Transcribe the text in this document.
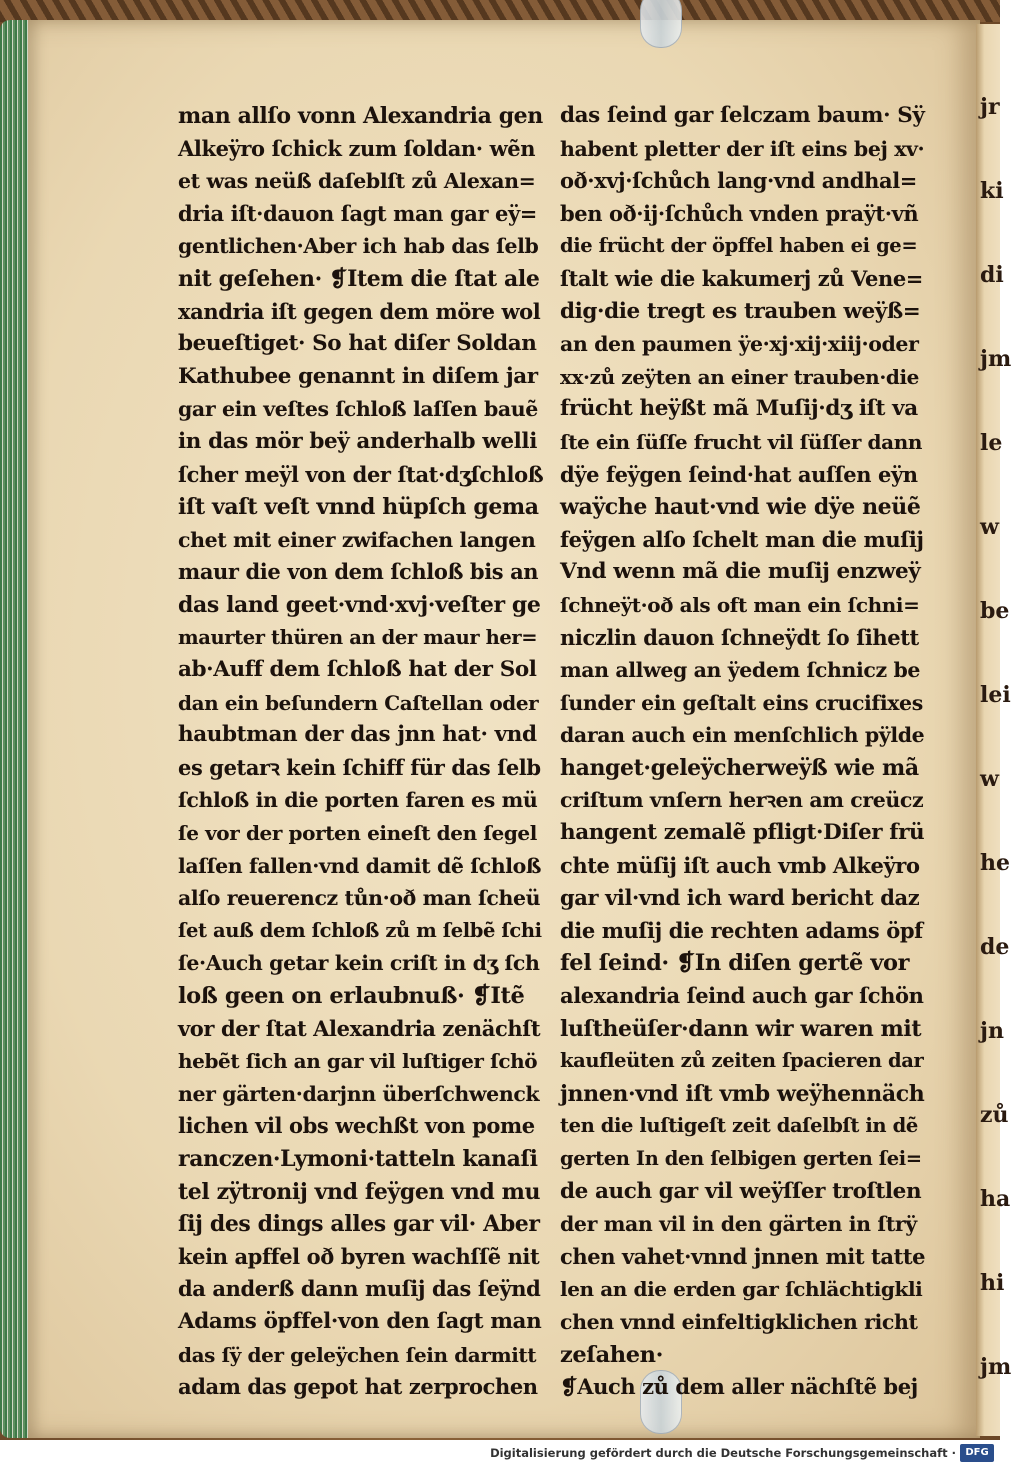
jr
ki
di
jm
le
w
be
lei
w
he
de
jn
zů
ha
hi
jm
man allſo vonn Alexandria gen
Alkeÿro ſchick zum ſoldan· wẽn
et was neüß daſeblſt zů Alexan=
dria iſt·dauon ſagt man gar eÿ=
gentlichen·Aber ich hab das ſelb
nit geſehen· ❡Item die ſtat ale
xandria iſt gegen dem möre wol
beueſtiget· So hat diſer Soldan
Kathubee genannt in diſem jar
gar ein veſtes ſchloß laſſen bauẽ
in das mör beÿ anderhalb welli
ſcher meÿl von der ſtat·dʒſchloß
iſt vaſt veſt vnnd hüpſch gema
chet mit einer zwifachen langen
maur die von dem ſchloß bis an
das land geet·vnd·xvj·veſter ge
maurter thüren an der maur her=
ab·Auff dem ſchloß hat der Sol
dan ein beſundern Caſtellan oder
haubtman der das jnn hat· vnd
es getarꝛ kein ſchiff für das ſelb
ſchloß in die porten faren es mü
ſe vor der porten eineſt den ſegel
laſſen fallen·vnd damit dẽ ſchloß
alſo reuerencz tůn·oð man ſcheü
ſet auß dem ſchloß zů m ſelbẽ ſchi
ſe·Auch getar kein criſt in dʒ ſch
loß geen on erlaubnuß· ❡Itẽ
vor der ſtat Alexandria zenächſt
hebẽt ſich an gar vil luſtiger ſchö
ner gärten·darjnn überſchwenck
lichen vil obs wechßt von pome
ranczen·Lymoni·tatteln kanaſi
tel zÿtronij vnd feÿgen vnd mu
ſij des dings alles gar vil· Aber
kein apffel oð byren wachſſẽ nit
da anderß dann muſij das ſeÿnd
Adams öpffel·von den ſagt man
das ſÿ der geleÿchen ſein darmitt
adam das gepot hat zerprochen
das ſeind gar ſelczam baum· Sÿ
habent pletter der iſt eins bej xv·
oð·xvj·ſchůch lang·vnd andhal=
ben oð·ij·ſchůch vnden praÿt·vñ
die frücht der öpffel haben ei ge=
ſtalt wie die kakumerj zů Vene=
dig·die tregt es trauben weÿß=
an den paumen ÿe·xj·xij·xiij·oder
xx·zů zeÿten an einer trauben·die
frücht heÿßt mã Muſij·dʒ iſt va
ſte ein ſüſſe frucht vil ſüſſer dann
dÿe feÿgen ſeind·hat auſſen eÿn
waÿche haut·vnd wie dÿe neüẽ
feÿgen alſo ſchelt man die muſij
Vnd wenn mã die muſij enzweÿ
ſchneÿt·oð als oft man ein ſchni=
niczlin dauon ſchneÿdt ſo ſihett
man allweg an ÿedem ſchnicz be
ſunder ein geſtalt eins crucifixes
daran auch ein menſchlich pÿlde
hanget·geleÿcherweÿß wie mã
criſtum vnſern herꝛen am creücz
hangent zemalẽ pfligt·Diſer frü
chte müſij iſt auch vmb Alkeÿro
gar vil·vnd ich ward bericht daz
die muſij die rechten adams öpf
fel ſeind· ❡In diſen gertẽ vor
alexandria ſeind auch gar ſchön
luſtheüſer·dann wir waren mit
kaufleüten zů zeiten ſpacieren dar
jnnen·vnd iſt vmb weÿhennäch
ten die luſtigeſt zeit daſelbſt in dẽ
gerten In den ſelbigen gerten ſei=
de auch gar vil weÿſſer troſtlen
der man vil in den gärten in ſtrÿ
chen vahet·vnnd jnnen mit tatte
len an die erden gar ſchlächtigkli
chen vnnd einfeltigklichen richt
zeſahen·
❡Auch zů dem aller nächſtẽ bej
Digitalisierung gefördert durch die Deutsche Forschungsgemeinschaft · DFG
